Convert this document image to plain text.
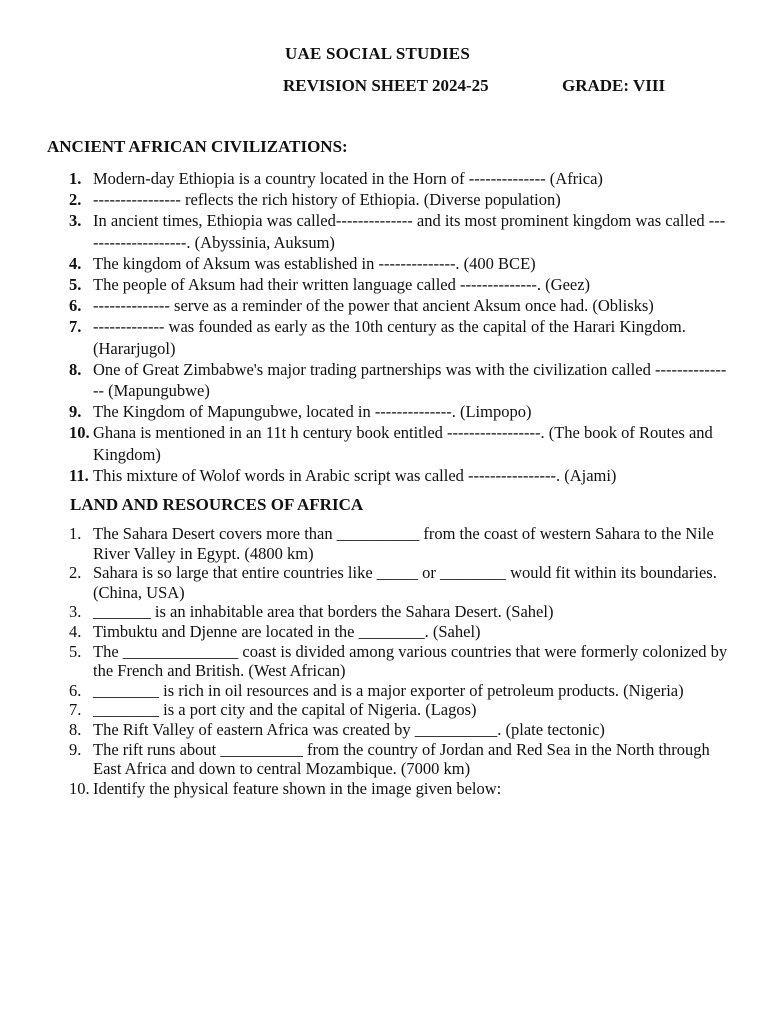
UAE SOCIAL STUDIES
REVISION SHEET 2024-25	GRADE: VIII
ANCIENT AFRICAN CIVILIZATIONS:
1. Modern-day Ethiopia is a country located in the Horn of -------------- (Africa)
2. ---------------- reflects the rich history of Ethiopia. (Diverse population)
3. In ancient times, Ethiopia was called-------------- and its most prominent kingdom was called --------------------. (Abyssinia, Auksum)
4. The kingdom of Aksum was established in --------------. (400 BCE)
5. The people of Aksum had their written language called --------------. (Geez)
6. -------------- serve as a reminder of the power that ancient Aksum once had. (Oblisks)
7. ------------- was founded as early as the 10th century as the capital of the Harari Kingdom. (Hararjugol)
8. One of Great Zimbabwe's major trading partnerships was with the civilization called --------------- (Mapungubwe)
9. The Kingdom of Mapungubwe, located in --------------. (Limpopo)
10. Ghana is mentioned in an 11t h century book entitled -----------------. (The book of Routes and Kingdom)
11. This mixture of Wolof words in Arabic script was called ----------------. (Ajami)
LAND AND RESOURCES OF AFRICA
1. The Sahara Desert covers more than __________ from the coast of western Sahara to the Nile River Valley in Egypt. (4800 km)
2. Sahara is so large that entire countries like _____ or ________ would fit within its boundaries. (China, USA)
3. _______ is an inhabitable area that borders the Sahara Desert. (Sahel)
4. Timbuktu and Djenne are located in the ________. (Sahel)
5. The ______________ coast is divided among various countries that were formerly colonized by the French and British. (West African)
6. ________ is rich in oil resources and is a major exporter of petroleum products. (Nigeria)
7. ________ is a port city and the capital of Nigeria. (Lagos)
8. The Rift Valley of eastern Africa was created by __________. (plate tectonic)
9. The rift runs about __________ from the country of Jordan and Red Sea in the North through East Africa and down to central Mozambique. (7000 km)
10. Identify the physical feature shown in the image given below:
